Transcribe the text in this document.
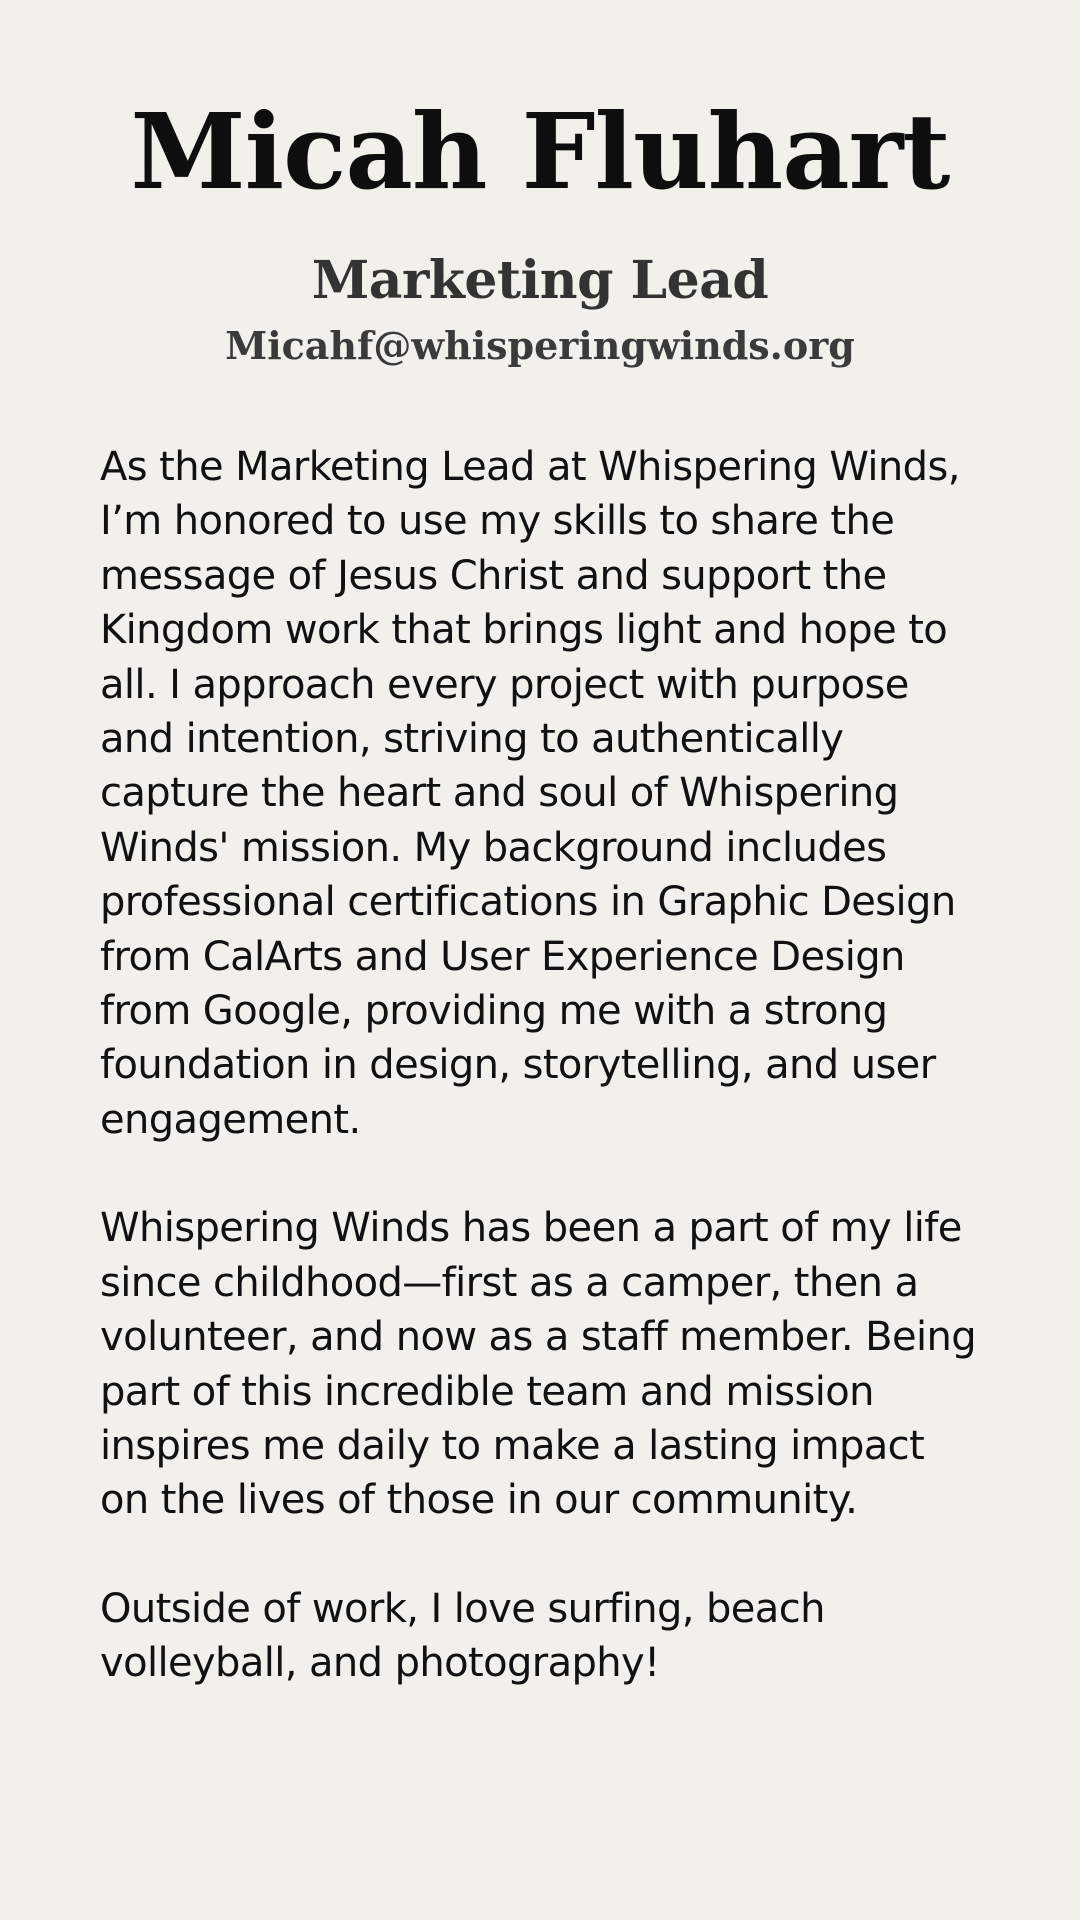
Micah Fluhart
Marketing Lead
Micahf@whisperingwinds.org

As the Marketing Lead at Whispering Winds, I’m honored to use my skills to share the message of Jesus Christ and support the Kingdom work that brings light and hope to all. I approach every project with purpose and intention, striving to authentically capture the heart and soul of Whispering Winds' mission. My background includes professional certifications in Graphic Design from CalArts and User Experience Design from Google, providing me with a strong foundation in design, storytelling, and user engagement.

Whispering Winds has been a part of my life since childhood—first as a camper, then a volunteer, and now as a staff member. Being part of this incredible team and mission inspires me daily to make a lasting impact on the lives of those in our community.

Outside of work, I love surfing, beach volleyball, and photography!
